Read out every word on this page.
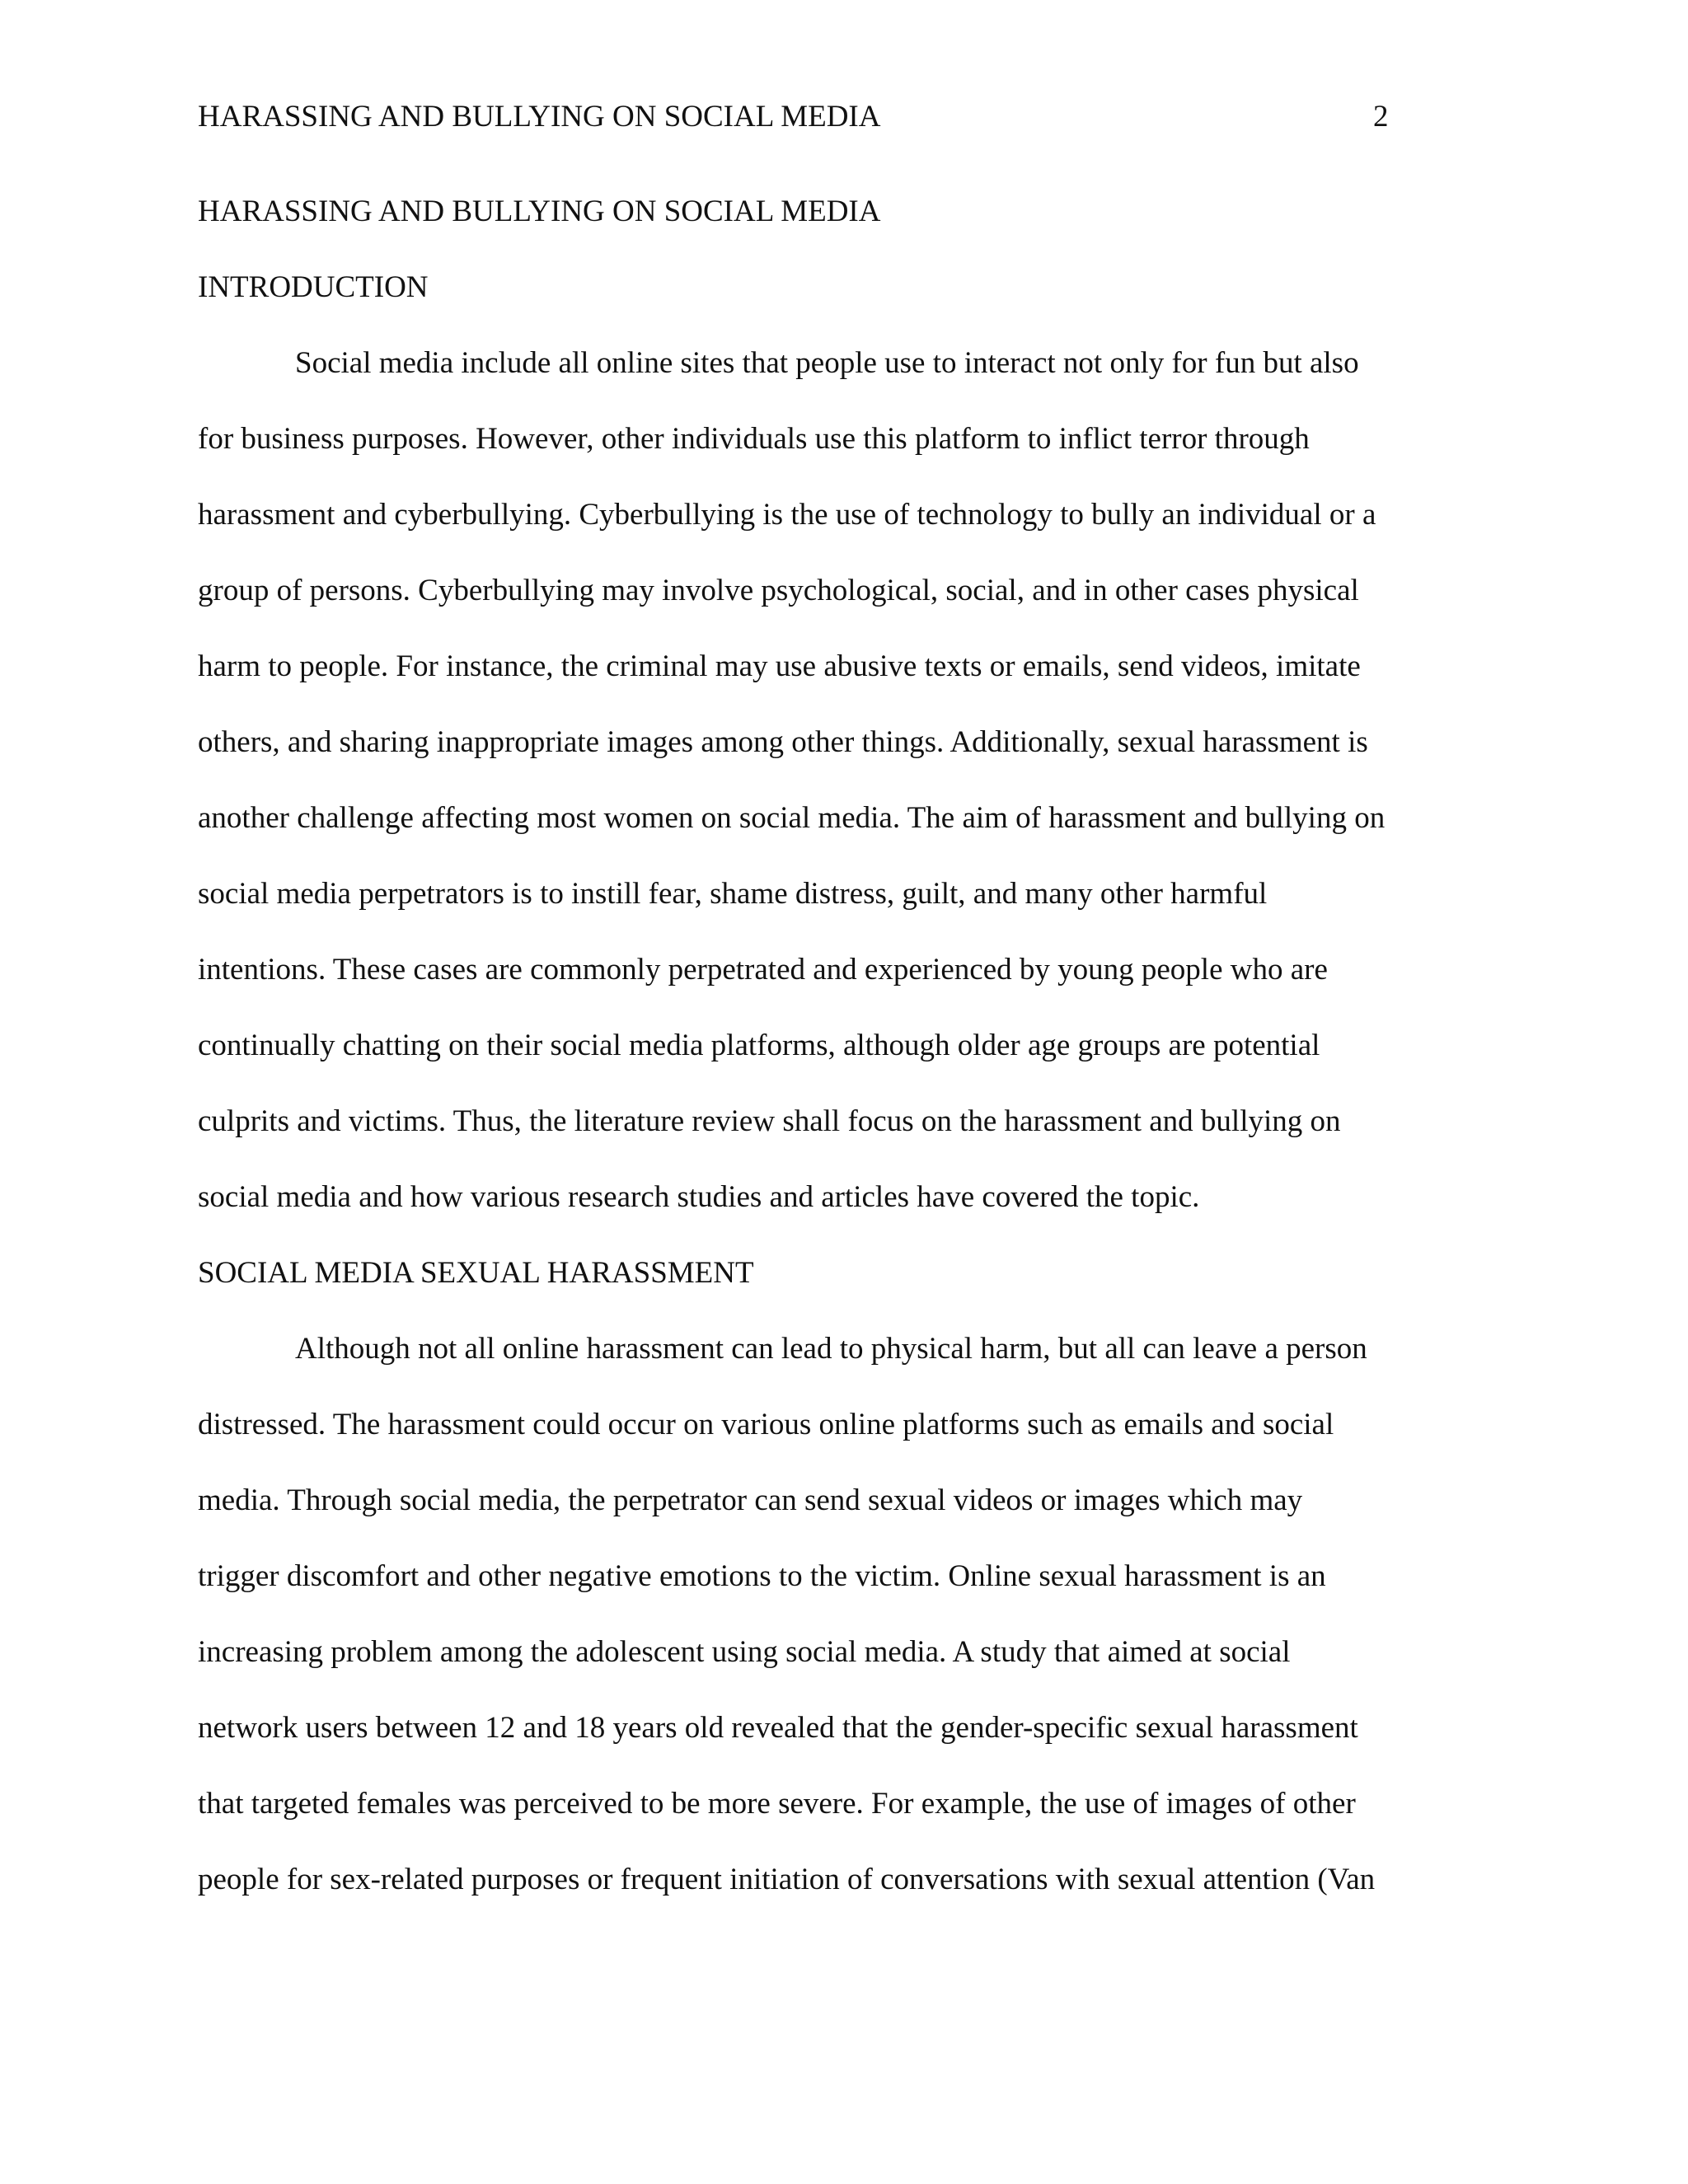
HARASSING AND BULLYING ON SOCIAL MEDIA	2
HARASSING AND BULLYING ON SOCIAL MEDIA
INTRODUCTION
Social media include all online sites that people use to interact not only for fun but also
for business purposes. However, other individuals use this platform to inflict terror through
harassment and cyberbullying. Cyberbullying is the use of technology to bully an individual or a
group of persons. Cyberbullying may involve psychological, social, and in other cases physical
harm to people. For instance, the criminal may use abusive texts or emails, send videos, imitate
others, and sharing inappropriate images among other things. Additionally, sexual harassment is
another challenge affecting most women on social media. The aim of harassment and bullying on
social media perpetrators is to instill fear, shame distress, guilt, and many other harmful
intentions. These cases are commonly perpetrated and experienced by young people who are
continually chatting on their social media platforms, although older age groups are potential
culprits and victims. Thus, the literature review shall focus on the harassment and bullying on
social media and how various research studies and articles have covered the topic.
SOCIAL MEDIA SEXUAL HARASSMENT
Although not all online harassment can lead to physical harm, but all can leave a person
distressed. The harassment could occur on various online platforms such as emails and social
media. Through social media, the perpetrator can send sexual videos or images which may
trigger discomfort and other negative emotions to the victim. Online sexual harassment is an
increasing problem among the adolescent using social media. A study that aimed at social
network users between 12 and 18 years old revealed that the gender-specific sexual harassment
that targeted females was perceived to be more severe. For example, the use of images of other
people for sex-related purposes or frequent initiation of conversations with sexual attention (Van
